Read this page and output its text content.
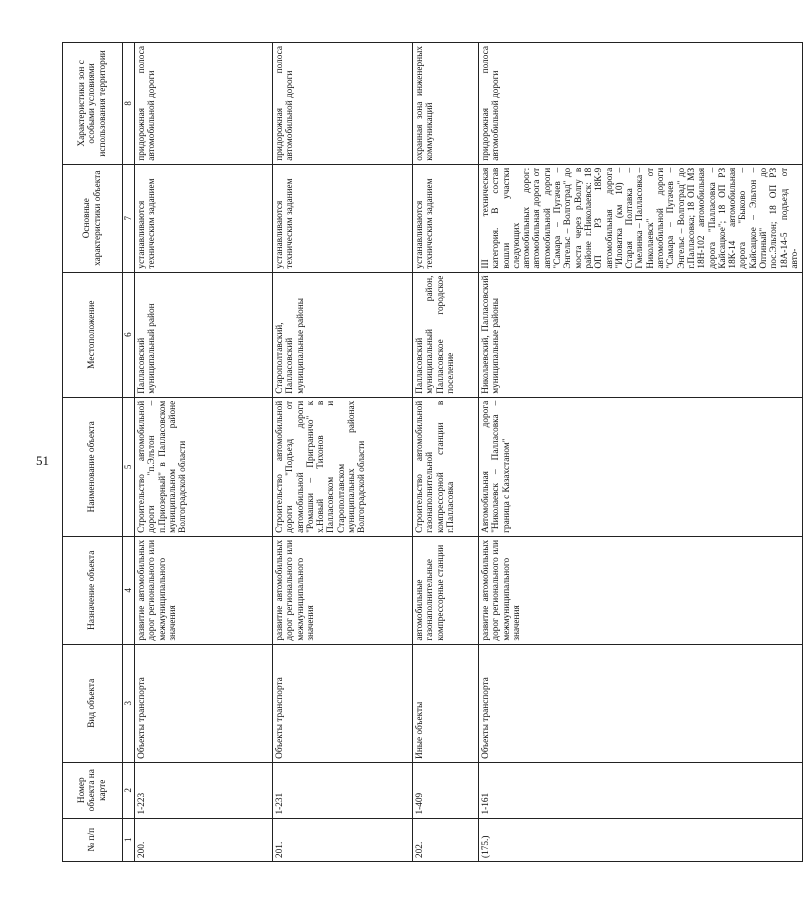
51
№ п/п	Номер объекта на карте	Вид объекта	Назначение объекта	Наименование объекта	Местоположение	Основные характеристики объекта	Характеристики зон с особыми условиями использования территории
1	2	3	4	5	6	7	8
200.	1-223	Объекты транспорта	развитие автомобильных дорог регионального или межмуниципального значения	Строительство автомобильной дороги "п.Элътон – п.Приозерный" в Палласовском муниципальном районе Волгоградской области	Палласовский муниципальный район	устанавливаются техническим заданием	придорожная полоса автомобильной дороги
201.	1-231	Объекты транспорта	развитие автомобильных дорог регионального или межмуниципального значения	Строительство автомобильной дороги "Подъезд от автомобильной дороги "Ромашки – Приграничо" к х.Новый Тихонов в Палласовском и Старополтавском муниципальных районах Волгоградской области	Старополтавский, Палласовский муниципальные районы	устанавливаются техническим заданием	придорожная полоса автомобильной дороги
202.	1-409	Иные объекты	автомобильные газонаполнительные компрессорные станции	Строительство автомобильной газонаполнительной компрессорной станции в г.Палласовка	Палласовский муниципальный район, Палласовское городское поселение	устанавливаются техническим заданием	охранная зона инженерных коммуникаций
(175.)	1-161	Объекты транспорта	развитие автомобильных дорог регионального или межмуниципального значения	Автомобильная дорога "Николаевск – Палласовка – граница с Казахстаном"	Николаевский, Палласовский муниципальные районы	III техническая категория. В состав вошли участки следующих автомобильных дорог: автомобильная дорога от автомобильной дороги "Самара – Пугачев – Энгельс – Волгоград" до моста через р.Волгу в районе г.Николаевск: 18 ОП РЗ 18К-9 автомобильная дорога "Иловатка (км 10) – Старая Полтавка – Гмелинка – Палласовка – Николаевск" от автомобильной дороги "Самара – Пугачев – Энгельс – Волгоград" до г.Палласовка; 18 ОП МЗ 18Н-102 автомобильная дорога "Палласовка – Кайсацкое"; 18 ОП РЗ 18К-14 автомобильная дорога "Быково – Кайсацкое – Эльтон – Оптиный" до пос.Эльтон; 18 ОП РЗ 18А-14-5 подъезд от авто-	придорожная полоса автомобильной дороги
